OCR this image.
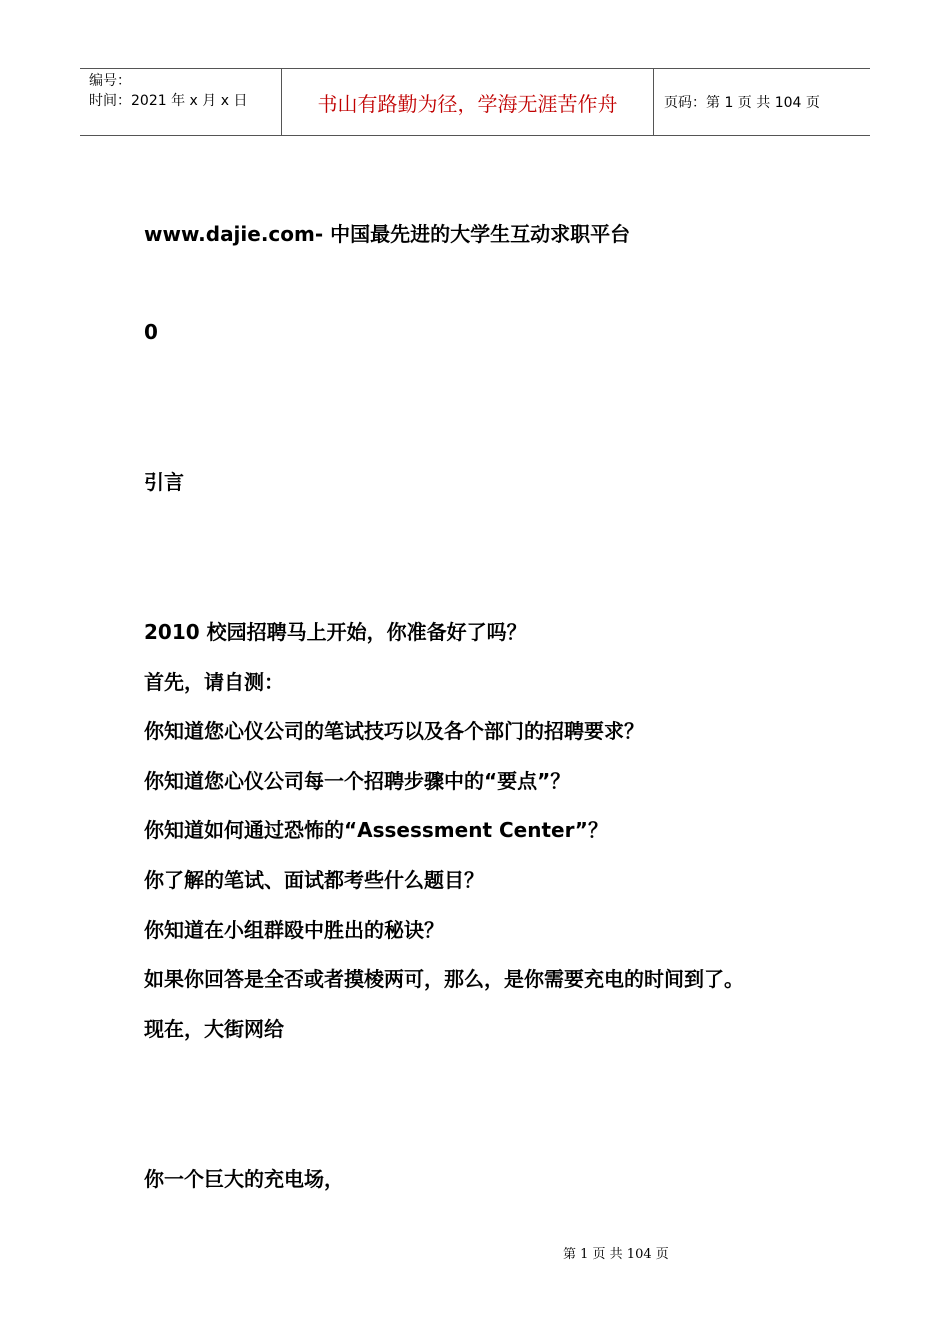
编号：
时间：2021 年 x 月 x 日	书山有路勤为径，学海无涯苦作舟	页码：第 1 页 共 104 页
www.dajie.com- 中国最先进的大学生互动求职平台
0
引言
2010 校园招聘马上开始，你准备好了吗？
首先，请自测：
你知道您心仪公司的笔试技巧以及各个部门的招聘要求？
你知道您心仪公司每一个招聘步骤中的“要点”？
你知道如何通过恐怖的“Assessment Center”？
你了解的笔试、面试都考些什么题目？
你知道在小组群殴中胜出的秘诀？
如果你回答是全否或者摸棱两可，那么，是你需要充电的时间到了。
现在，大街网给
你一个巨大的充电场，
第 1 页 共 104 页
